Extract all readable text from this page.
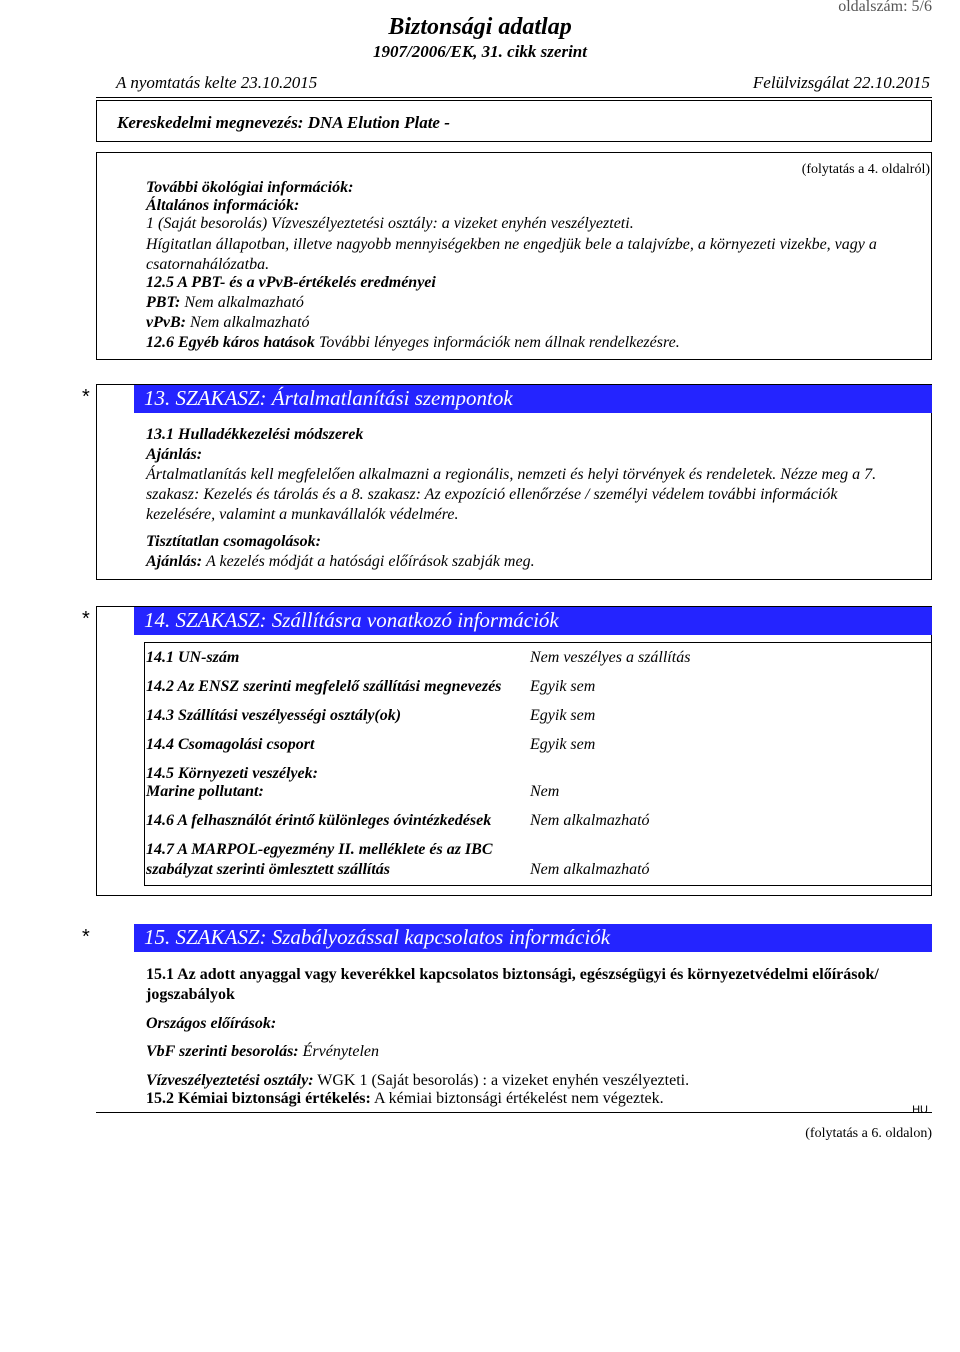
oldalszám: 5/6
Biztonsági adatlap
1907/2006/EK, 31. cikk szerint
A nyomtatás kelte 23.10.2015	Felülvizsgálat 22.10.2015
Kereskedelmi megnevezés: DNA Elution Plate -
(folytatás a 4. oldalról)
További ökológiai információk:
Általános információk:
1 (Saját besorolás) Vízveszélyeztetési osztály: a vizeket enyhén veszélyezteti.
Hígitatlan állapotban, illetve nagyobb mennyiségekben ne engedjük bele a talajvízbe, a környezeti vizekbe, vagy a
csatornahálózatba.
12.5 A PBT- és a vPvB-értékelés eredményei
PBT: Nem alkalmazható
vPvB: Nem alkalmazható
12.6 Egyéb káros hatások További lényeges információk nem állnak rendelkezésre.
*	13. SZAKASZ: Ártalmatlanítási szempontok
13.1 Hulladékkezelési módszerek
Ajánlás:
Ártalmatlanítás kell megfelelően alkalmazni a regionális, nemzeti és helyi törvények és rendeletek. Nézze meg a 7.
szakasz: Kezelés és tárolás és a 8. szakasz: Az expozíció ellenőrzése / személyi védelem további információk
kezelésére, valamint a munkavállalók védelmére.
Tisztítatlan csomagolások:
Ajánlás: A kezelés módját a hatósági előírások szabják meg.
*	14. SZAKASZ: Szállításra vonatkozó információk
14.1 UN-szám	Nem veszélyes a szállítás
14.2 Az ENSZ szerinti megfelelő szállítási megnevezés Egyik sem
14.3 Szállítási veszélyességi osztály(ok)	Egyik sem
14.4 Csomagolási csoport	Egyik sem
14.5 Környezeti veszélyek:
Marine pollutant:	Nem
14.6 A felhasználót érintő különleges óvintézkedések Nem alkalmazható
14.7 A MARPOL-egyezmény II. melléklete és az IBC
szabályzat szerinti ömlesztett szállítás	Nem alkalmazható
*	15. SZAKASZ: Szabályozással kapcsolatos információk
15.1 Az adott anyaggal vagy keverékkel kapcsolatos biztonsági, egészségügyi és környezetvédelmi előírások/
jogszabályok
Országos előírások:
VbF szerinti besorolás: Érvénytelen
Vízveszélyeztetési osztály: WGK 1 (Saját besorolás) : a vizeket enyhén veszélyezteti.
15.2 Kémiai biztonsági értékelés: A kémiai biztonsági értékelést nem végeztek.
HU
(folytatás a 6. oldalon)
